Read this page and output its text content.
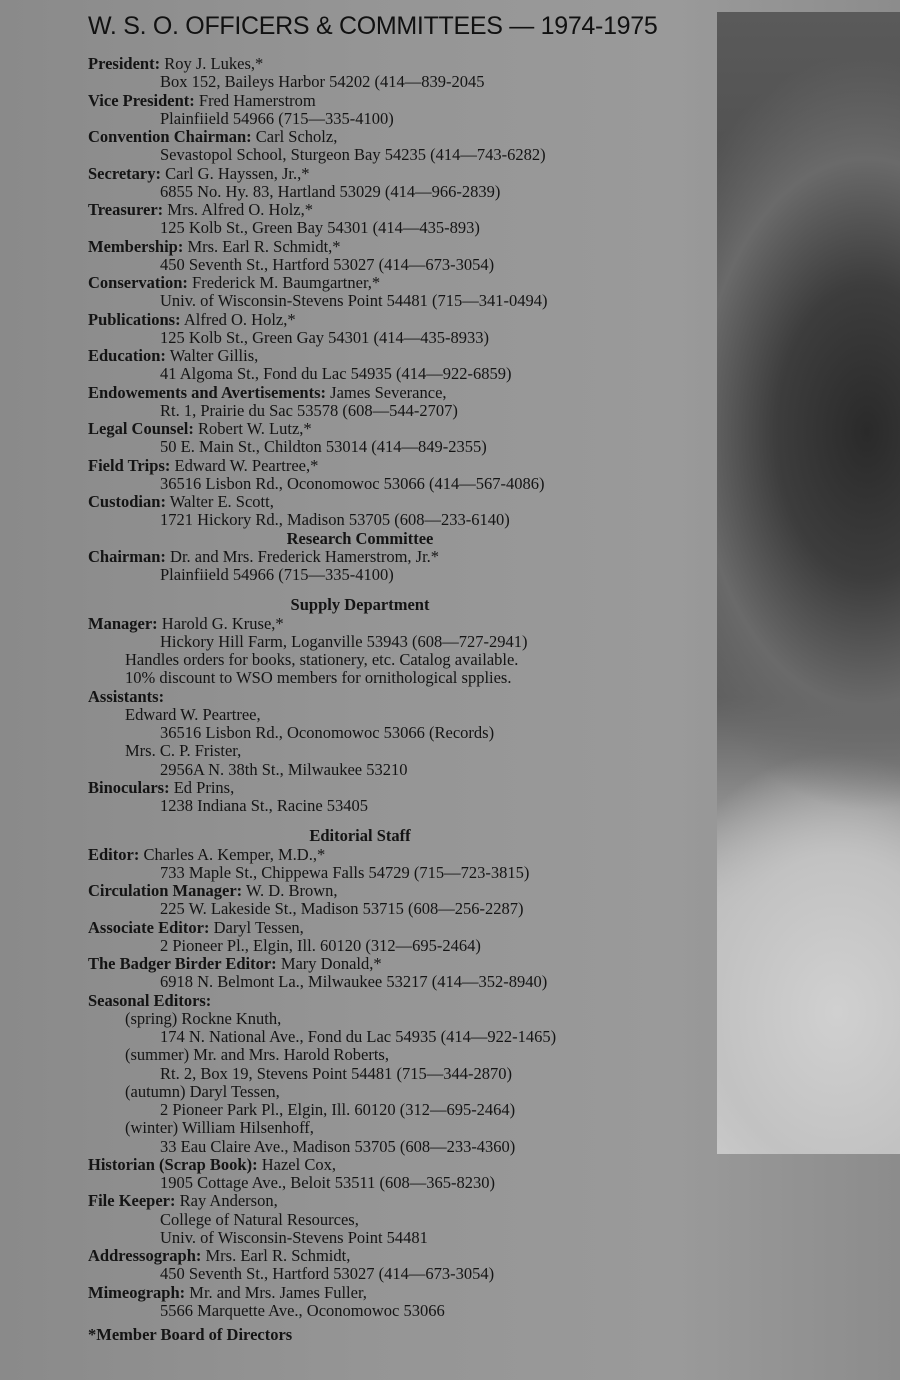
W. S. O. OFFICERS & COMMITTEES — 1974-1975
President: Roy J. Lukes,*
Box 152, Baileys Harbor 54202 (414—839-2045
Vice President: Fred Hamerstrom
Plainfiield 54966 (715—335-4100)
Convention Chairman: Carl Scholz,
Sevastopol School, Sturgeon Bay 54235 (414—743-6282)
Secretary: Carl G. Hayssen, Jr.,*
6855 No. Hy. 83, Hartland 53029 (414—966-2839)
Treasurer: Mrs. Alfred O. Holz,*
125 Kolb St., Green Bay 54301 (414—435-893)
Membership: Mrs. Earl R. Schmidt,*
450 Seventh St., Hartford 53027 (414—673-3054)
Conservation: Frederick M. Baumgartner,*
Univ. of Wisconsin-Stevens Point 54481 (715—341-0494)
Publications: Alfred O. Holz,*
125 Kolb St., Green Gay 54301 (414—435-8933)
Education: Walter Gillis,
41 Algoma St., Fond du Lac 54935 (414—922-6859)
Endowements and Avertisements: James Severance,
Rt. 1, Prairie du Sac 53578 (608—544-2707)
Legal Counsel: Robert W. Lutz,*
50 E. Main St., Childton 53014 (414—849-2355)
Field Trips: Edward W. Peartree,*
36516 Lisbon Rd., Oconomowoc 53066 (414—567-4086)
Custodian: Walter E. Scott,
1721 Hickory Rd., Madison 53705 (608—233-6140)
Research Committee
Chairman: Dr. and Mrs. Frederick Hamerstrom, Jr.*
Plainfiield 54966 (715—335-4100)
Supply Department
Manager: Harold G. Kruse,*
Hickory Hill Farm, Loganville 53943 (608—727-2941)
Handles orders for books, stationery, etc. Catalog available.
10% discount to WSO members for ornithological spplies.
Assistants:
Edward W. Peartree,
36516 Lisbon Rd., Oconomowoc 53066 (Records)
Mrs. C. P. Frister,
2956A N. 38th St., Milwaukee 53210
Binoculars: Ed Prins,
1238 Indiana St., Racine 53405
Editorial Staff
Editor: Charles A. Kemper, M.D.,*
733 Maple St., Chippewa Falls 54729 (715—723-3815)
Circulation Manager: W. D. Brown,
225 W. Lakeside St., Madison 53715 (608—256-2287)
Associate Editor: Daryl Tessen,
2 Pioneer Pl., Elgin, Ill. 60120 (312—695-2464)
The Badger Birder Editor: Mary Donald,*
6918 N. Belmont La., Milwaukee 53217 (414—352-8940)
Seasonal Editors:
(spring) Rockne Knuth,
174 N. National Ave., Fond du Lac 54935 (414—922-1465)
(summer) Mr. and Mrs. Harold Roberts,
Rt. 2, Box 19, Stevens Point 54481 (715—344-2870)
(autumn) Daryl Tessen,
2 Pioneer Park Pl., Elgin, Ill. 60120 (312—695-2464)
(winter) William Hilsenhoff,
33 Eau Claire Ave., Madison 53705 (608—233-4360)
Historian (Scrap Book): Hazel Cox,
1905 Cottage Ave., Beloit 53511 (608—365-8230)
File Keeper: Ray Anderson,
College of Natural Resources,
Univ. of Wisconsin-Stevens Point 54481
Addressograph: Mrs. Earl R. Schmidt,
450 Seventh St., Hartford 53027 (414—673-3054)
Mimeograph: Mr. and Mrs. James Fuller,
5566 Marquette Ave., Oconomowoc 53066
*Member Board of Directors
